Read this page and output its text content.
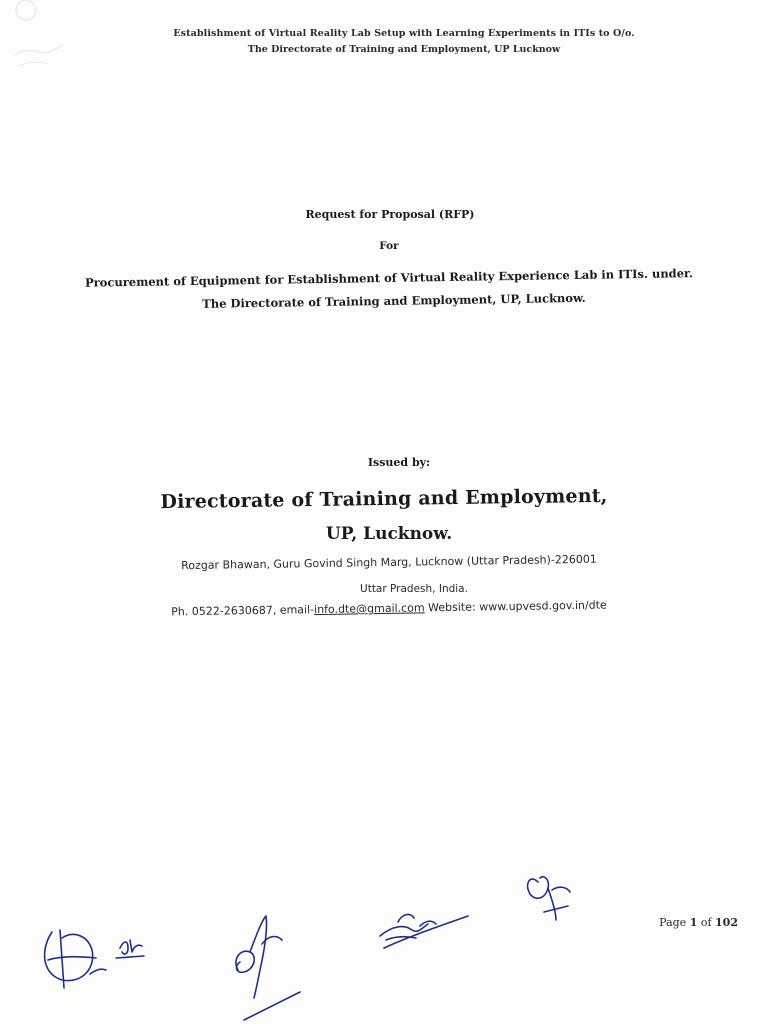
Establishment of Virtual Reality Lab Setup with Learning Experiments in ITIs to O/o.
The Directorate of Training and Employment, UP Lucknow
Request for Proposal (RFP)
For
Procurement of Equipment for Establishment of Virtual Reality Experience Lab in ITIs. under.
The Directorate of Training and Employment, UP, Lucknow.
Issued by:
Directorate of Training and Employment,
UP, Lucknow.
Rozgar Bhawan, Guru Govind Singh Marg, Lucknow (Uttar Pradesh)-226001
Uttar Pradesh, India.
Ph. 0522-2630687, email-info.dte@gmail.com Website: www.upvesd.gov.in/dte
Page 1 of 102
